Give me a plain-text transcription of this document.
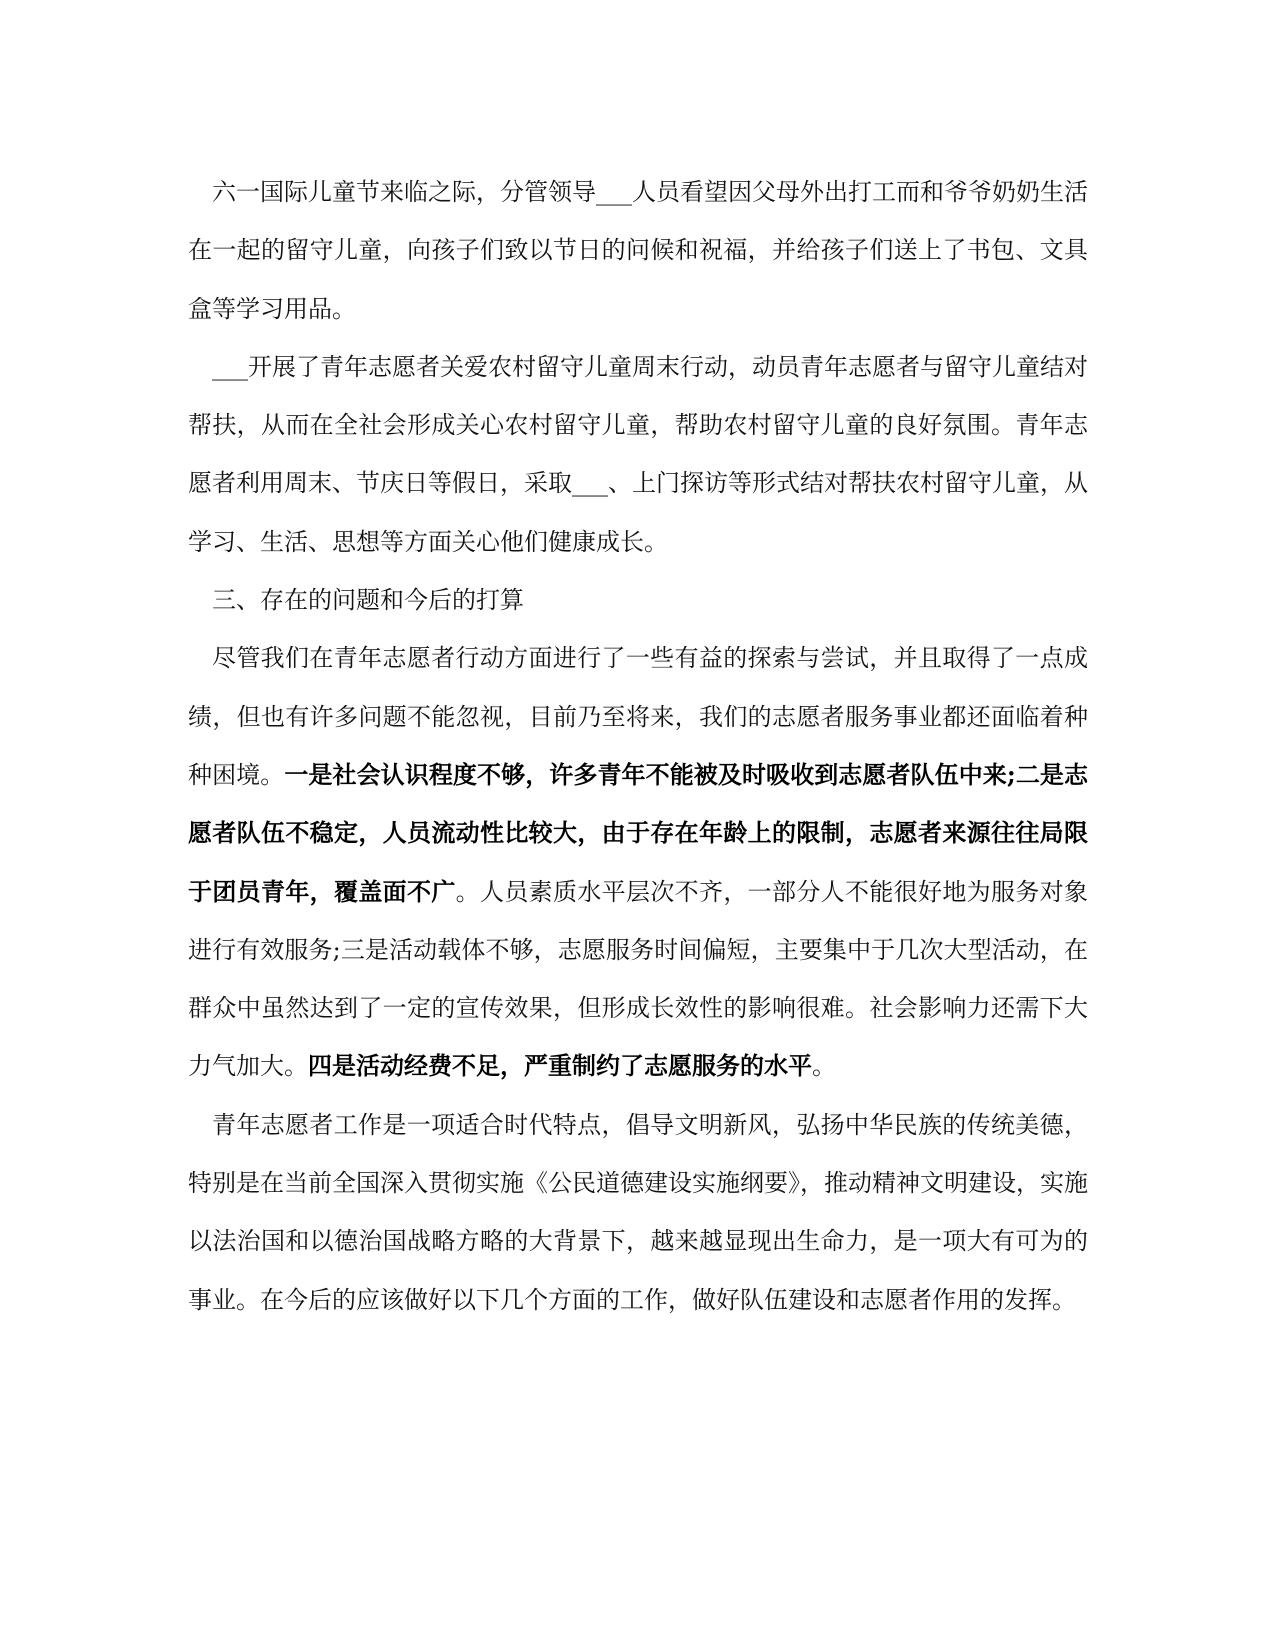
六一国际儿童节来临之际，分管领导___人员看望因父母外出打工而和爷爷奶奶生活在一起的留守儿童，向孩子们致以节日的问候和祝福，并给孩子们送上了书包、文具盒等学习用品。

___开展了青年志愿者关爱农村留守儿童周末行动，动员青年志愿者与留守儿童结对帮扶，从而在全社会形成关心农村留守儿童，帮助农村留守儿童的良好氛围。青年志愿者利用周末、节庆日等假日，采取___、上门探访等形式结对帮扶农村留守儿童，从学习、生活、思想等方面关心他们健康成长。

三、存在的问题和今后的打算

尽管我们在青年志愿者行动方面进行了一些有益的探索与尝试，并且取得了一点成绩，但也有许多问题不能忽视，目前乃至将来，我们的志愿者服务事业都还面临着种种困境。一是社会认识程度不够，许多青年不能被及时吸收到志愿者队伍中来;二是志愿者队伍不稳定，人员流动性比较大，由于存在年龄上的限制，志愿者来源往往局限于团员青年，覆盖面不广。人员素质水平层次不齐，一部分人不能很好地为服务对象进行有效服务;三是活动载体不够，志愿服务时间偏短，主要集中于几次大型活动，在群众中虽然达到了一定的宣传效果，但形成长效性的影响很难。社会影响力还需下大力气加大。四是活动经费不足，严重制约了志愿服务的水平。

青年志愿者工作是一项适合时代特点，倡导文明新风，弘扬中华民族的传统美德，特别是在当前全国深入贯彻实施《公民道德建设实施纲要》，推动精神文明建设，实施以法治国和以德治国战略方略的大背景下，越来越显现出生命力，是一项大有可为的事业。在今后的应该做好以下几个方面的工作，做好队伍建设和志愿者作用的发挥。
